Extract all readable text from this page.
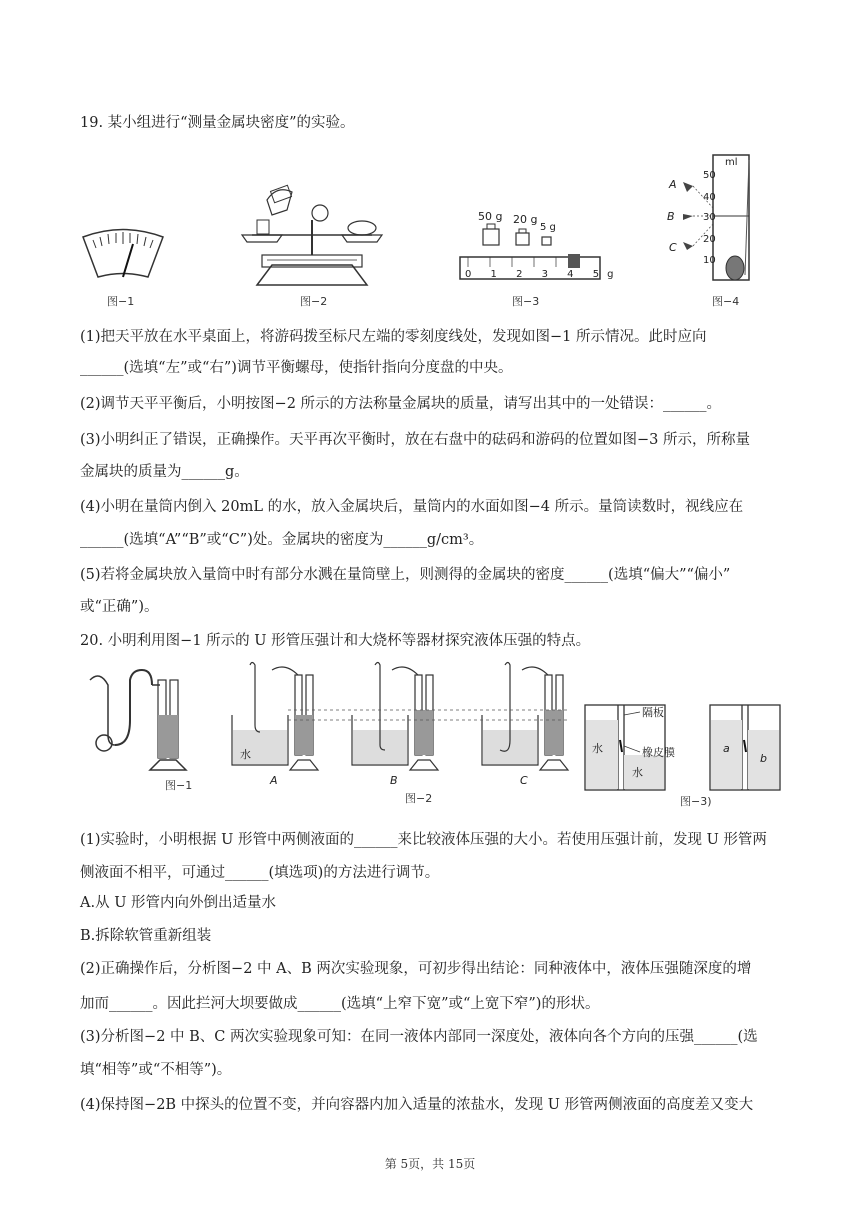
19. 某小组进行“测量金属块密度”的实验。
图−1	图−2
50 g 20 g
5 g
0 1 2 3 4 5g
图−3
ml
50
40
30
20
10
A
B
C
图−4
(1)把天平放在水平桌面上，将游码拨至标尺左端的零刻度线处，发现如图−1 所示情况。此时应向
______(选填“左”或“右”)调节平衡螺母，使指针指向分度盘的中央。
(2)调节天平平衡后，小明按图−2 所示的方法称量金属块的质量，请写出其中的一处错误：______。
(3)小明纠正了错误，正确操作。天平再次平衡时，放在右盘中的砝码和游码的位置如图−3 所示，所称量
金属块的质量为______g。
(4)小明在量筒内倒入 20mL 的水，放入金属块后，量筒内的水面如图−4 所示。量筒读数时，视线应在
______(选填“A”“B”或“C”)处。金属块的密度为______g/cm³。
(5)若将金属块放入量筒中时有部分水溅在量筒壁上，则测得的金属块的密度______(选填“偏大”“偏小”
或“正确”)。
20. 小明利用图−1 所示的 U 形管压强计和大烧杯等器材探究液体压强的特点。
图−1
水
A	B	C
图−2
隔板
橡皮膜
水
水
a
b
图−3)
(1)实验时，小明根据 U 形管中两侧液面的______来比较液体压强的大小。若使用压强计前，发现 U 形管两
侧液面不相平，可通过______(填选项)的方法进行调节。
A.从 U 形管内向外倒出适量水
B.拆除软管重新组装
(2)正确操作后，分析图−2 中 A、B 两次实验现象，可初步得出结论：同种液体中，液体压强随深度的增
加而______。因此拦河大坝要做成______(选填“上窄下宽”或“上宽下窄”)的形状。
(3)分析图−2 中 B、C 两次实验现象可知：在同一液体内部同一深度处，液体向各个方向的压强______(选
填“相等”或“不相等”)。
(4)保持图−2B 中探头的位置不变，并向容器内加入适量的浓盐水，发现 U 形管两侧液面的高度差又变大
第 5页，共 15页
